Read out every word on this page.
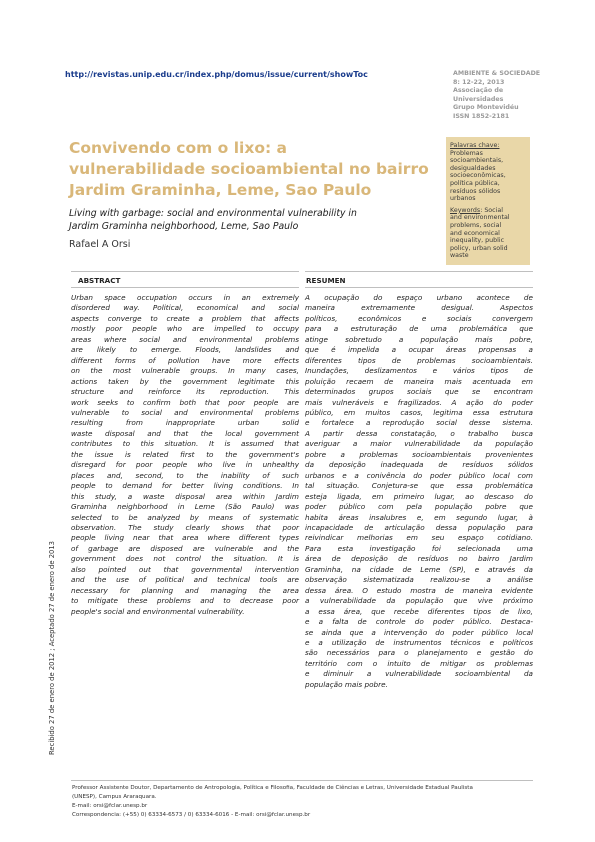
http://revistas.unip.edu.cr/index.php/domus/issue/current/showToc	AMBIENTE & SOCIEDADE
8: 12-22, 2013
Associação de
Universidades
Grupo Montevidéu
ISSN 1852-2181
Convivendo com o lixo: a
vulnerabilidade socioambiental no bairro
Jardim Graminha, Leme, Sao Paulo
Living with garbage: social and environmental vulnerability in
Jardim Graminha neighborhood, Leme, Sao Paulo
Rafael A Orsi
Palavras chave:
Problemas
socioambientais,
desigualdades
socioeconômicas,
política pública,
resíduos sólidos
urbanos
Keywords: Social
and environmental
problems, social
and economical
inequality, public
policy, urban solid
waste
ABSTRACT	RESUMEN
Urban space occupation occurs in an extremely
disordered way. Political, economical and social
aspects converge to create a problem that affects
mostly poor people who are impelled to occupy
areas where social and environmental problems
are likely to emerge. Floods, landslides and
different forms of pollution have more effects
on the most vulnerable groups. In many cases,
actions taken by the government legitimate this
structure and reinforce its reproduction. This
work seeks to confirm both that poor people are
vulnerable to social and environmental problems
resulting from inappropriate urban solid
waste disposal and that the local government
contributes to this situation. It is assumed that
the issue is related first to the government's
disregard for poor people who live in unhealthy
places and, second, to the inability of such
people to demand for better living conditions. In
this study, a waste disposal area within Jardim
Graminha neighborhood in Leme (São Paulo) was
selected to be analyzed by means of systematic
observation. The study clearly shows that poor
people living near that area where different types
of garbage are disposed are vulnerable and the
government does not control the situation. It is
also pointed out that governmental intervention
and the use of political and technical tools are
necessary for planning and managing the area
to mitigate these problems and to decrease poor
people's social and environmental vulnerability.
A ocupação do espaço urbano acontece de
maneira extremamente desigual. Aspectos
políticos, econômicos e sociais convergem
para a estruturação de uma problemática que
atinge sobretudo a população mais pobre,
que é impelida a ocupar áreas propensas a
diferentes tipos de problemas socioambientais.
Inundações, deslizamentos e vários tipos de
poluição recaem de maneira mais acentuada em
determinados grupos sociais que se encontram
mais vulneráveis e fragilizados. A ação do poder
público, em muitos casos, legitima essa estrutura
e fortalece a reprodução social desse sistema.
A partir dessa constatação, o trabalho busca
averiguar a maior vulnerabilidade da população
pobre a problemas socioambientais provenientes
da deposição inadequada de resíduos sólidos
urbanos e a conivência do poder público local com
tal situação. Conjetura-se que essa problemática
esteja ligada, em primeiro lugar, ao descaso do
poder público com pela população pobre que
habita áreas insalubres e, em segundo lugar, à
incapacidade de articulação dessa população para
reivindicar melhorias em seu espaço cotidiano.
Para esta investigação foi selecionada uma
área de deposição de resíduos no bairro Jardim
Graminha, na cidade de Leme (SP), e através da
observação sistematizada realizou-se a análise
dessa área. O estudo mostra de maneira evidente
a vulnerabilidade da população que vive próximo
a essa área, que recebe diferentes tipos de lixo,
e a falta de controle do poder público. Destaca-
se ainda que a intervenção do poder público local
e a utilização de instrumentos técnicos e políticos
são necessários para o planejamento e gestão do
território com o intuito de mitigar os problemas
e diminuir a vulnerabilidade socioambiental da
população mais pobre.
Recibido 27 de enero de 2012 ; Aceptado 27 de enero de 2013
Professor Assistente Doutor, Departamento de Antropologia, Política e Filosofia, Faculdade de Ciências e Letras, Universidade Estadual Paulista
(UNESP), Campus Araraquara.
E-mail: orsi@fclar.unesp.br
Correspondencia: (+55) 0) 63334-6573 / 0) 63334-6016 - E-mail: orsi@fclar.unesp.br
